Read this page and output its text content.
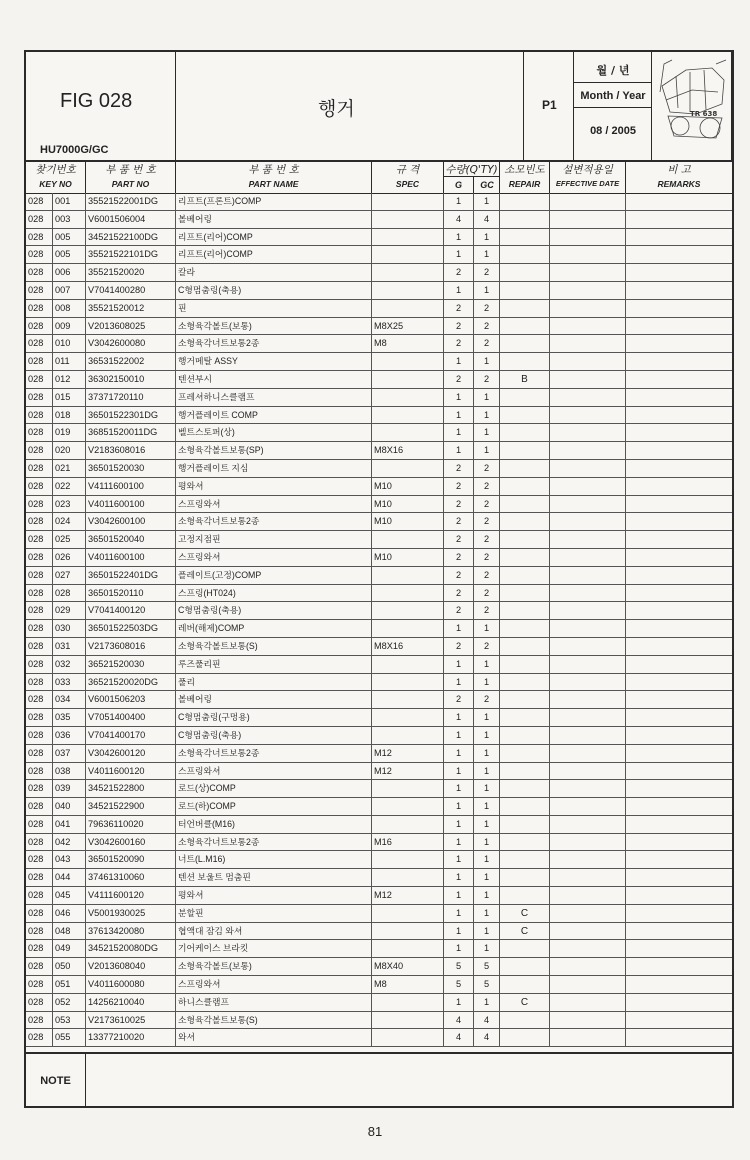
FIG 028
HU7000G/GC
행거	P1
월 / 년
Month / Year
08 / 2005
TR 638
찾기번호
KEY NO
부 품 번 호
PART NO
부 품 번 호
PART NAME
규 격
SPEC
수량(Q'TY)
G	GC
소모빈도
REPAIR
설변적용일
EFFECTIVE DATE
비 고
REMARKS
028	001	35521522001DG	리프트(프론트)COMP	1	1
028	003	V6001506004	볼베어링	4	4
028	005	34521522100DG	리프트(리어)COMP	1	1
028	005	35521522101DG	리프트(리어)COMP	1	1
028	006	35521520020	칼라	2	2
028	007	V7041400280	C형멈춤링(축용)	1	1
028	008	35521520012	핀	2	2
028	009	V2013608025	소형육각볼트(보통)	M8X25	2	2
028	010	V3042600080	소형육각너트보통2종	M8	2	2
028	011	36531522002	행거메탈 ASSY	1	1
028	012	36302150010	텐션부시	2	2	B
028	015	37371720110	프레셔하니스클램프	1	1
028	018	36501522301DG	행거플레이트 COMP	1	1
028	019	36851520011DG	벨트스토퍼(상)	1	1
028	020	V2183608016	소형육각볼트보통(SP)	M8X16	1	1
028	021	36501520030	행거플레이트 지심	2	2
028	022	V4111600100	평와셔	M10	2	2
028	023	V4011600100	스프링와셔	M10	2	2
028	024	V3042600100	소형육각너트보통2종	M10	2	2
028	025	36501520040	고정지점핀	2	2
028	026	V4011600100	스프링와셔	M10	2	2
028	027	36501522401DG	플레이트(고정)COMP	2	2
028	028	36501520110	스프링(HT024)	2	2
028	029	V7041400120	C형멈춤링(축용)	2	2
028	030	36501522503DG	레버(해제)COMP	1	1
028	031	V2173608016	소형육각볼트보통(S)	M8X16	2	2
028	032	36521520030	루즈풀리핀	1	1
028	033	36521520020DG	풀리	1	1
028	034	V6001506203	볼베어링	2	2
028	035	V7051400400	C형멈춤링(구멍용)	1	1
028	036	V7041400170	C형멈춤링(축용)	1	1
028	037	V3042600120	소형육각너트보통2종	M12	1	1
028	038	V4011600120	스프링와셔	M12	1	1
028	039	34521522800	로드(상)COMP	1	1
028	040	34521522900	로드(하)COMP	1	1
028	041	79636110020	터언버클(M16)	1	1
028	042	V3042600160	소형육각너트보통2종	M16	1	1
028	043	36501520090	너트(L.M16)	1	1
028	044	37461310060	텐션 보울트 멈춤핀	1	1
028	045	V4111600120	평와셔	M12	1	1
028	046	V5001930025	분할핀	1	1	C
028	048	37613420080	협액대 잠김 와셔	1	1	C
028	049	34521520080DG	기어케이스 브라킷	1	1
028	050	V2013608040	소형육각볼트(보통)	M8X40	5	5
028	051	V4011600080	스프링와셔	M8	5	5
028	052	14256210040	하니스클램프	1	1	C
028	053	V2173610025	소형육각볼트보통(S)	4	4
028	055	13377210020	와셔	4	4
NOTE
81
